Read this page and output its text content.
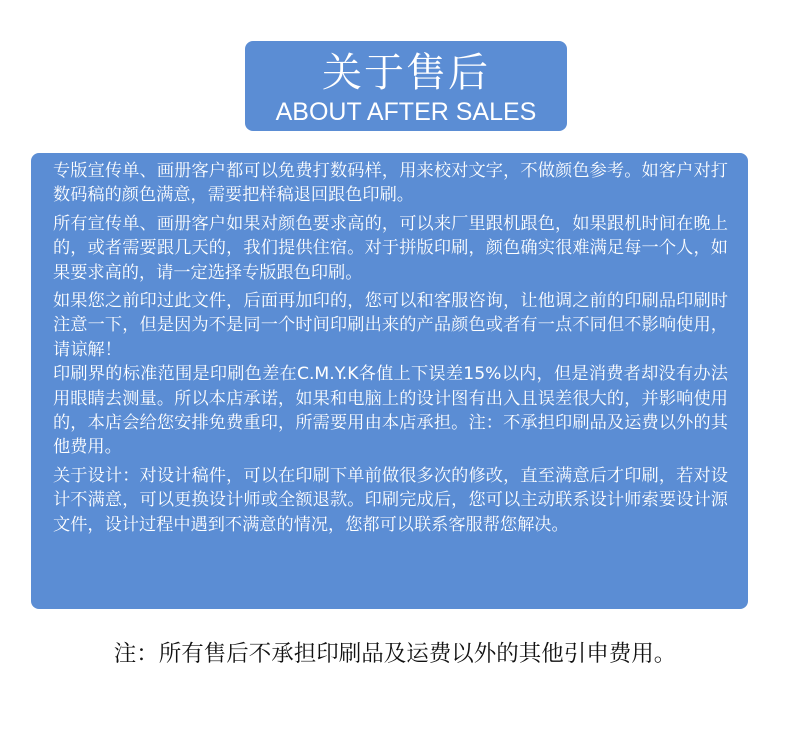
关于售后
ABOUT AFTER SALES

专版宣传单、画册客户都可以免费打数码样，用来校对文字，不做颜色参考。如客户对打数码稿的颜色满意，需要把样稿退回跟色印刷。

所有宣传单、画册客户如果对颜色要求高的，可以来厂里跟机跟色，如果跟机时间在晚上的，或者需要跟几天的，我们提供住宿。对于拼版印刷，颜色确实很难满足每一个人，如果要求高的，请一定选择专版跟色印刷。

如果您之前印过此文件，后面再加印的，您可以和客服咨询，让他调之前的印刷品印刷时注意一下，但是因为不是同一个时间印刷出来的产品颜色或者有一点不同但不影响使用，请谅解！

印刷界的标准范围是印刷色差在C.M.Y.K各值上下误差15%以内，但是消费者却没有办法用眼睛去测量。所以本店承诺，如果和电脑上的设计图有出入且误差很大的，并影响使用的，本店会给您安排免费重印，所需要用由本店承担。注：不承担印刷品及运费以外的其他费用。

关于设计：对设计稿件，可以在印刷下单前做很多次的修改，直至满意后才印刷，若对设计不满意，可以更换设计师或全额退款。印刷完成后，您可以主动联系设计师索要设计源文件，设计过程中遇到不满意的情况，您都可以联系客服帮您解决。

注：所有售后不承担印刷品及运费以外的其他引申费用。
